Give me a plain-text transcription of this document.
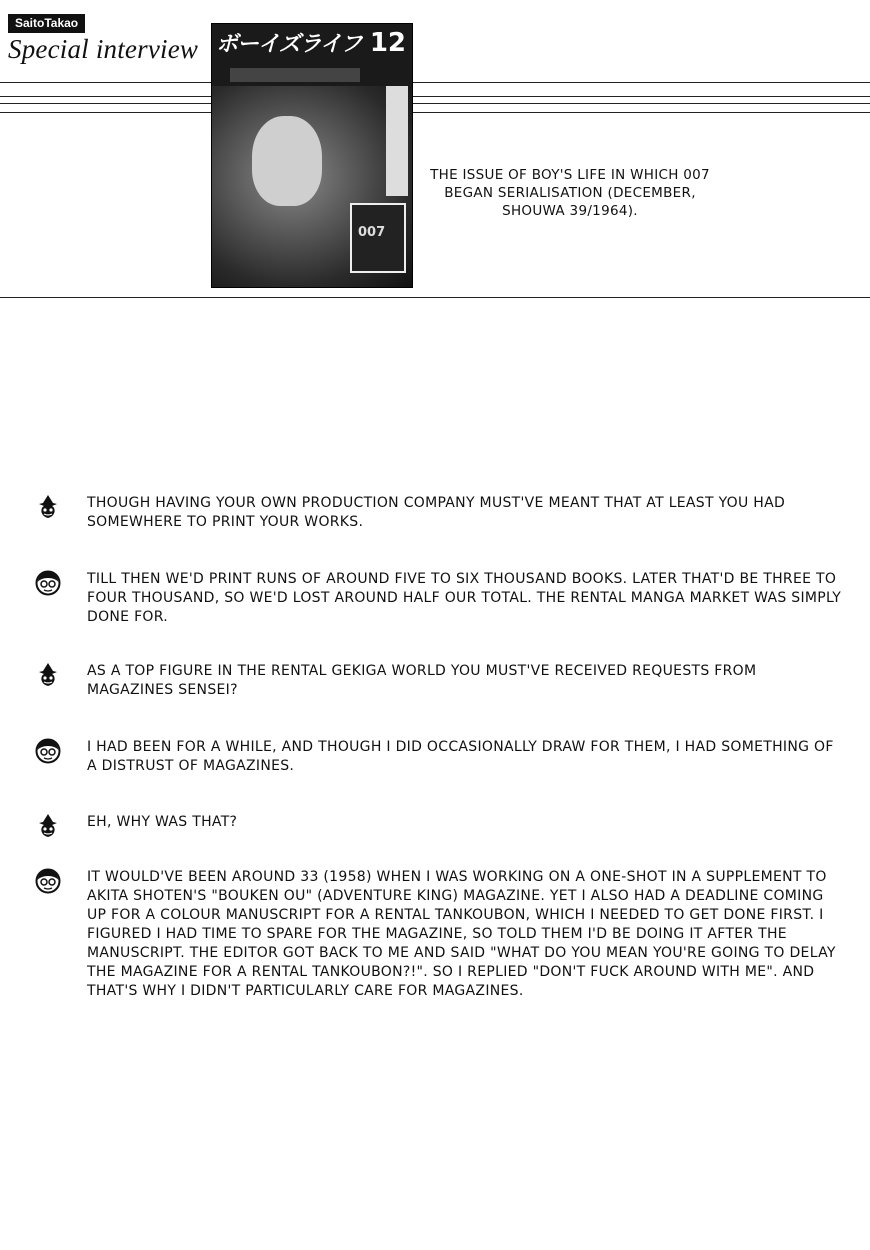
SaitoTakao
Special interview ボーイズライフ 12
007
THE ISSUE OF BOY'S LIFE IN WHICH 007 BEGAN SERIALISATION (DECEMBER, SHOUWA 39/1964).
THOUGH HAVING YOUR OWN PRODUCTION COMPANY MUST'VE MEANT THAT AT LEAST YOU HAD SOMEWHERE TO PRINT YOUR WORKS.
TILL THEN WE'D PRINT RUNS OF AROUND FIVE TO SIX THOUSAND BOOKS. LATER THAT'D BE THREE TO FOUR THOUSAND, SO WE'D LOST AROUND HALF OUR TOTAL. THE RENTAL MANGA MARKET WAS SIMPLY DONE FOR.
AS A TOP FIGURE IN THE RENTAL GEKIGA WORLD YOU MUST'VE RECEIVED REQUESTS FROM MAGAZINES SENSEI?
I HAD BEEN FOR A WHILE, AND THOUGH I DID OCCASIONALLY DRAW FOR THEM, I HAD SOMETHING OF A DISTRUST OF MAGAZINES.
EH, WHY WAS THAT?
IT WOULD'VE BEEN AROUND 33 (1958) WHEN I WAS WORKING ON A ONE-SHOT IN A SUPPLEMENT TO AKITA SHOTEN'S "BOUKEN OU" (ADVENTURE KING) MAGAZINE. YET I ALSO HAD A DEADLINE COMING UP FOR A COLOUR MANUSCRIPT FOR A RENTAL TANKOUBON, WHICH I NEEDED TO GET DONE FIRST. I FIGURED I HAD TIME TO SPARE FOR THE MAGAZINE, SO TOLD THEM I'D BE DOING IT AFTER THE MANUSCRIPT. THE EDITOR GOT BACK TO ME AND SAID "WHAT DO YOU MEAN YOU'RE GOING TO DELAY THE MAGAZINE FOR A RENTAL TANKOUBON?!". SO I REPLIED "DON'T FUCK AROUND WITH ME". AND THAT'S WHY I DIDN'T PARTICULARLY CARE FOR MAGAZINES.
